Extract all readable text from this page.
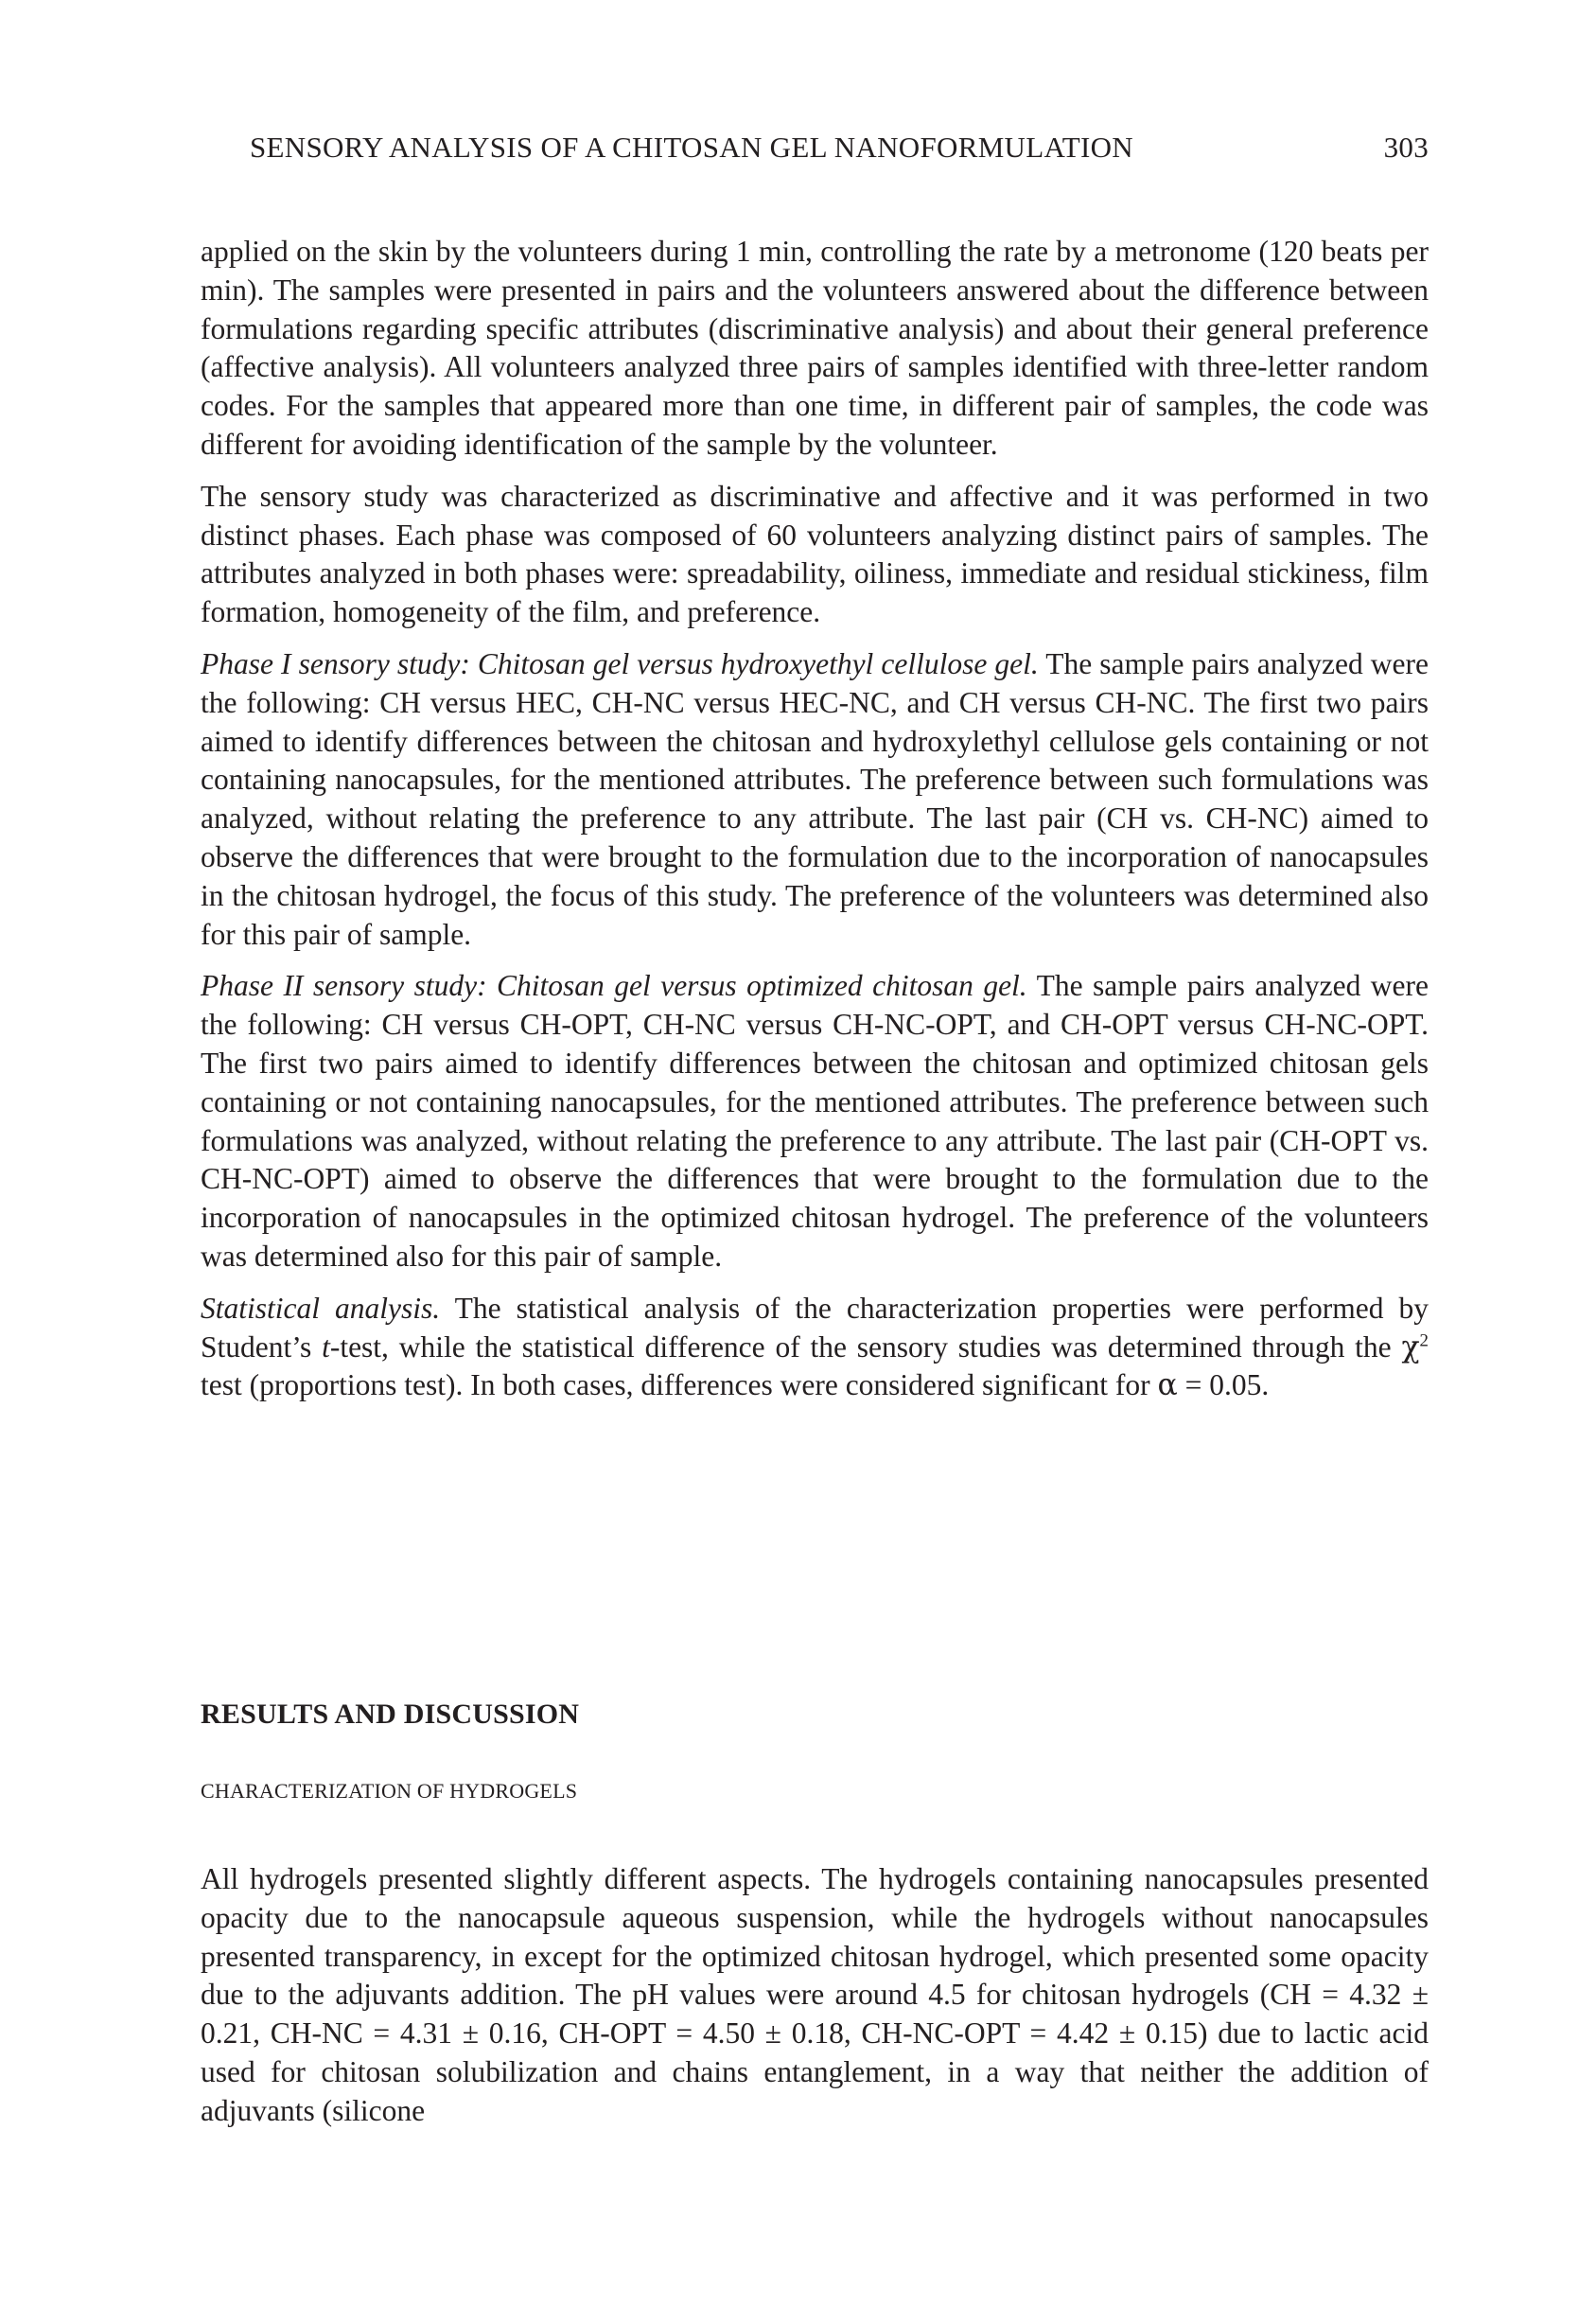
SENSORY ANALYSIS OF A CHITOSAN GEL NANOFORMULATION	303

applied on the skin by the volunteers during 1 min, controlling the rate by a metronome (120 beats per min). The samples were presented in pairs and the volunteers answered about the difference between formulations regarding specific attributes (discriminative analysis) and about their general preference (affective analysis). All volunteers analyzed three pairs of samples identified with three-letter random codes. For the samples that appeared more than one time, in different pair of samples, the code was different for avoiding identification of the sample by the volunteer.

The sensory study was characterized as discriminative and affective and it was performed in two distinct phases. Each phase was composed of 60 volunteers analyzing distinct pairs of samples. The attributes analyzed in both phases were: spreadability, oiliness, immediate and residual stickiness, film formation, homogeneity of the film, and preference.

Phase I sensory study: Chitosan gel versus hydroxyethyl cellulose gel. The sample pairs analyzed were the following: CH versus HEC, CH-NC versus HEC-NC, and CH versus CH-NC. The first two pairs aimed to identify differences between the chitosan and hydroxylethyl cellulose gels containing or not containing nanocapsules, for the mentioned attributes. The preference between such formulations was analyzed, without relating the preference to any attribute. The last pair (CH vs. CH-NC) aimed to observe the differences that were brought to the formulation due to the incorporation of nanocapsules in the chitosan hydrogel, the focus of this study. The preference of the volunteers was determined also for this pair of sample.

Phase II sensory study: Chitosan gel versus optimized chitosan gel. The sample pairs analyzed were the following: CH versus CH-OPT, CH-NC versus CH-NC-OPT, and CH-OPT versus CH-NC-OPT. The first two pairs aimed to identify differences between the chitosan and optimized chitosan gels containing or not containing nanocapsules, for the mentioned attributes. The preference between such formulations was analyzed, without relating the preference to any attribute. The last pair (CH-OPT vs. CH-NC-OPT) aimed to observe the differences that were brought to the formulation due to the incorporation of nanocapsules in the optimized chitosan hydrogel. The preference of the volunteers was determined also for this pair of sample.

Statistical analysis. The statistical analysis of the characterization properties were performed by Student’s t-test, while the statistical difference of the sensory studies was determined through the $\chi^2$ test (proportions test). In both cases, differences were considered significant for α = 0.05.

RESULTS AND DISCUSSION
CHARACTERIZATION OF HYDROGELS

All hydrogels presented slightly different aspects. The hydrogels containing nanocapsules presented opacity due to the nanocapsule aqueous suspension, while the hydrogels without nanocapsules presented transparency, in except for the optimized chitosan hydrogel, which presented some opacity due to the adjuvants addition. The pH values were around 4.5 for chitosan hydrogels (CH = 4.32 ± 0.21, CH-NC = 4.31 ± 0.16, CH-OPT = 4.50 ± 0.18, CH-NC-OPT = 4.42 ± 0.15) due to lactic acid used for chitosan solubilization and chains entanglement, in a way that neither the addition of adjuvants (silicone
